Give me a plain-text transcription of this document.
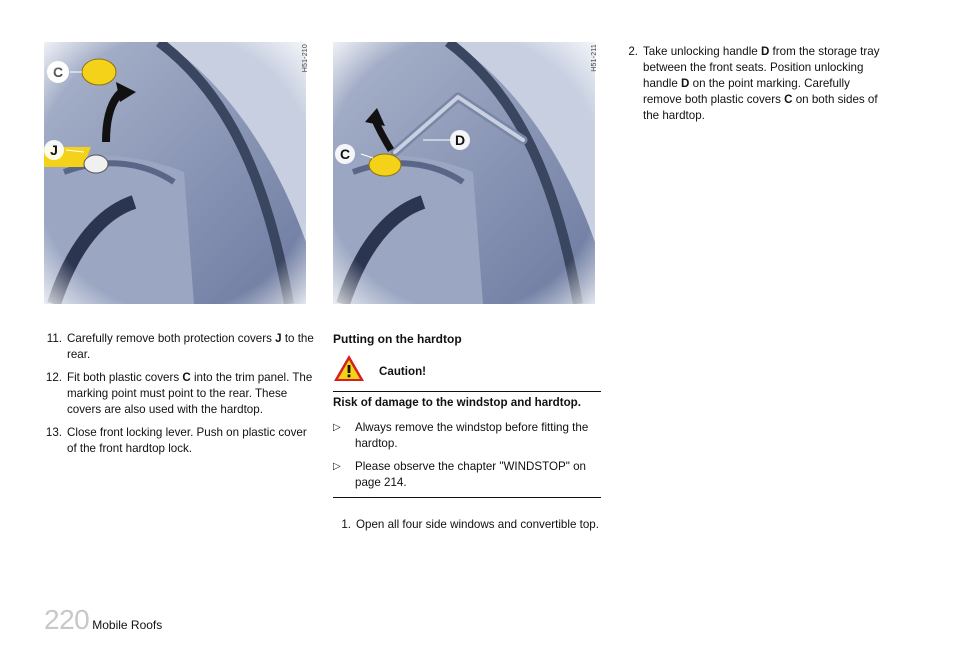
H51-210	H51-211
11. Carefully remove both protection covers J to the rear.
12. Fit both plastic covers C into the trim panel. The marking point must point to the rear. These covers are also used with the hardtop.
13. Close front locking lever. Push on plastic cover of the front hardtop lock.
Putting on the hardtop
Caution!
Risk of damage to the windstop and hardtop.
▷ Always remove the windstop before fitting the hardtop.
▷ Please observe the chapter "WINDSTOP" on page 214.
1. Open all four side windows and convertible top.
2. Take unlocking handle D from the storage tray between the front seats. Position unlocking handle D on the point marking. Carefully remove both plastic covers C on both sides of the hardtop.
220 Mobile Roofs
